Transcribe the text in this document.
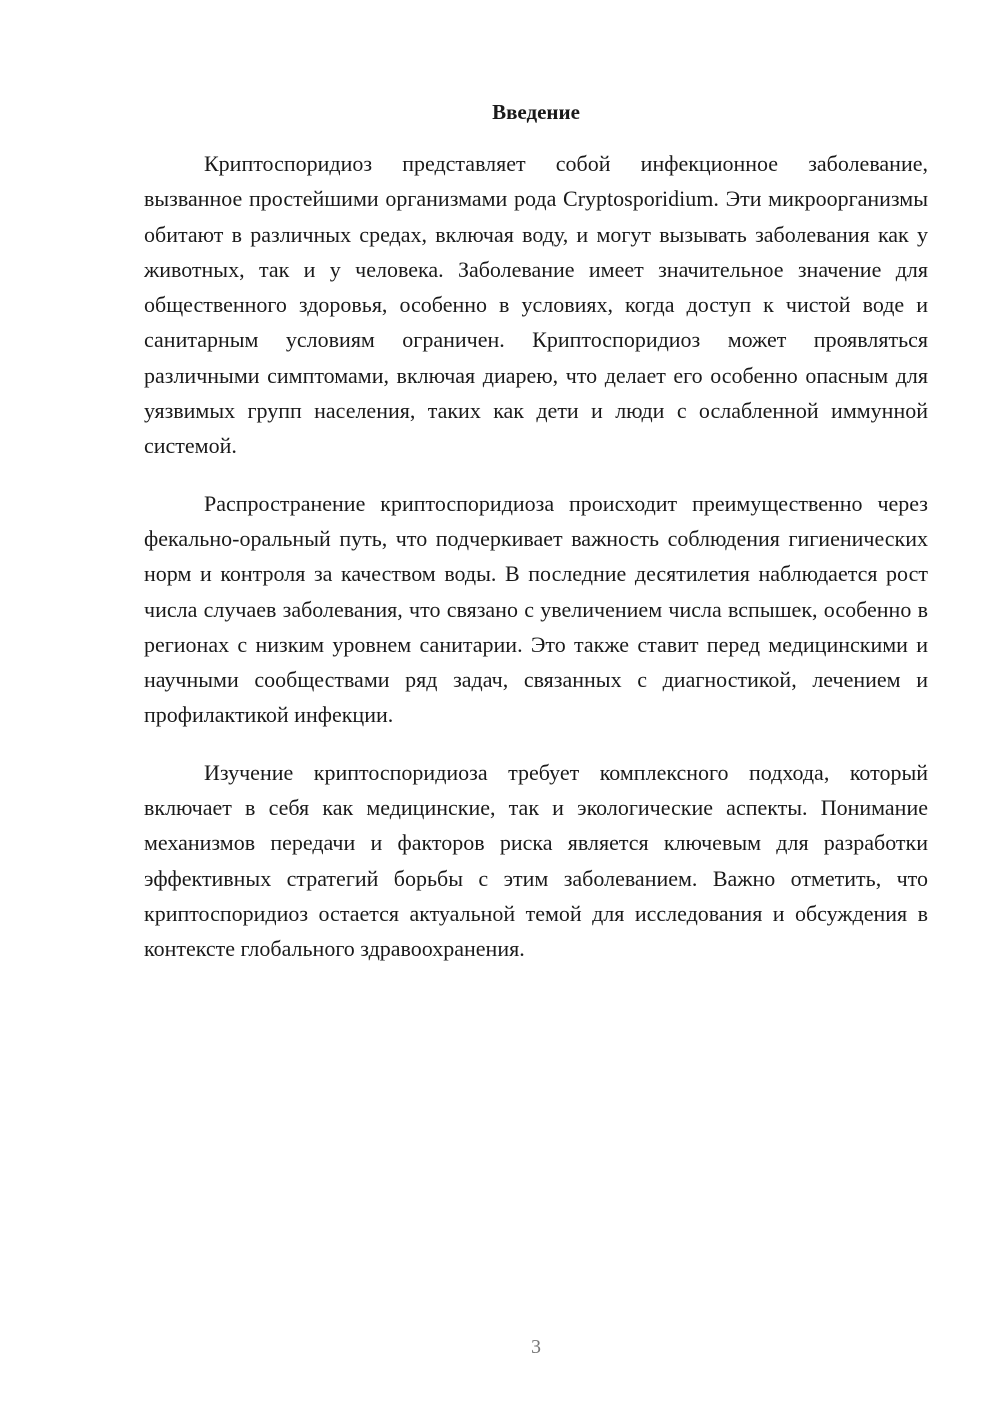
Введение

Криптоспоридиоз представляет собой инфекционное заболевание, вызванное простейшими организмами рода Cryptosporidium. Эти микроорганизмы обитают в различных средах, включая воду, и могут вызывать заболевания как у животных, так и у человека. Заболевание имеет значительное значение для общественного здоровья, особенно в условиях, когда доступ к чистой воде и санитарным условиям ограничен. Криптоспоридиоз может проявляться различными симптомами, включая диарею, что делает его особенно опасным для уязвимых групп населения, таких как дети и люди с ослабленной иммунной системой.

Распространение криптоспоридиоза происходит преимущественно через фекально-оральный путь, что подчеркивает важность соблюдения гигиенических норм и контроля за качеством воды. В последние десятилетия наблюдается рост числа случаев заболевания, что связано с увеличением числа вспышек, особенно в регионах с низким уровнем санитарии. Это также ставит перед медицинскими и научными сообществами ряд задач, связанных с диагностикой, лечением и профилактикой инфекции.

Изучение криптоспоридиоза требует комплексного подхода, который включает в себя как медицинские, так и экологические аспекты. Понимание механизмов передачи и факторов риска является ключевым для разработки эффективных стратегий борьбы с этим заболеванием. Важно отметить, что криптоспоридиоз остается актуальной темой для исследования и обсуждения в контексте глобального здравоохранения.

3
